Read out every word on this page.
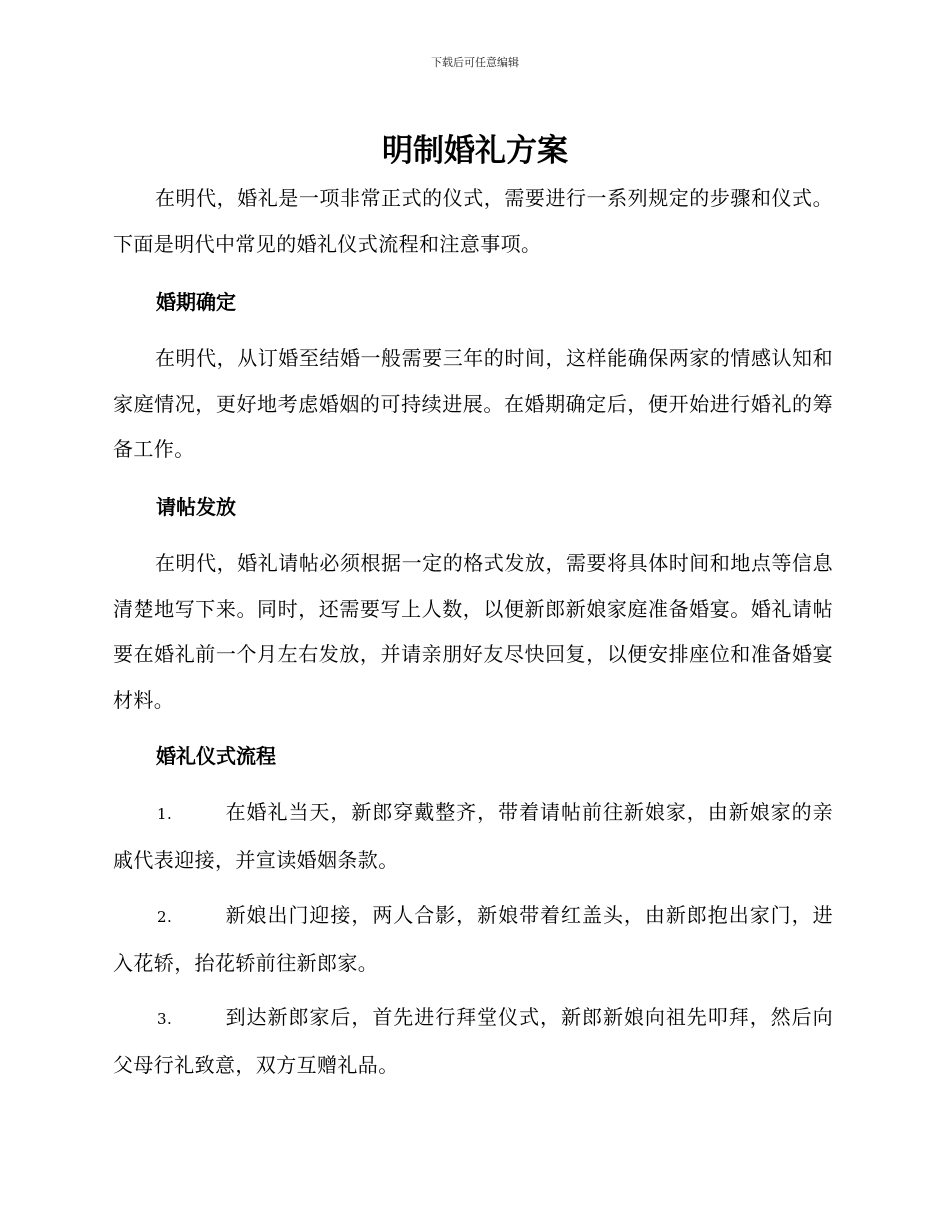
下载后可任意编辑
明制婚礼方案

在明代，婚礼是一项非常正式的仪式，需要进行一系列规定的步骤和仪式。下面是明代中常见的婚礼仪式流程和注意事项。

婚期确定

在明代，从订婚至结婚一般需要三年的时间，这样能确保两家的情感认知和家庭情况，更好地考虑婚姻的可持续进展。在婚期确定后，便开始进行婚礼的筹备工作。

请帖发放

在明代，婚礼请帖必须根据一定的格式发放，需要将具体时间和地点等信息清楚地写下来。同时，还需要写上人数，以便新郎新娘家庭准备婚宴。婚礼请帖要在婚礼前一个月左右发放，并请亲朋好友尽快回复，以便安排座位和准备婚宴材料。

婚礼仪式流程

1.	在婚礼当天，新郎穿戴整齐，带着请帖前往新娘家，由新娘家的亲戚代表迎接，并宣读婚姻条款。

2.	新娘出门迎接，两人合影，新娘带着红盖头，由新郎抱出家门，进入花轿，抬花轿前往新郎家。

3.	到达新郎家后，首先进行拜堂仪式，新郎新娘向祖先叩拜，然后向父母行礼致意，双方互赠礼品。
